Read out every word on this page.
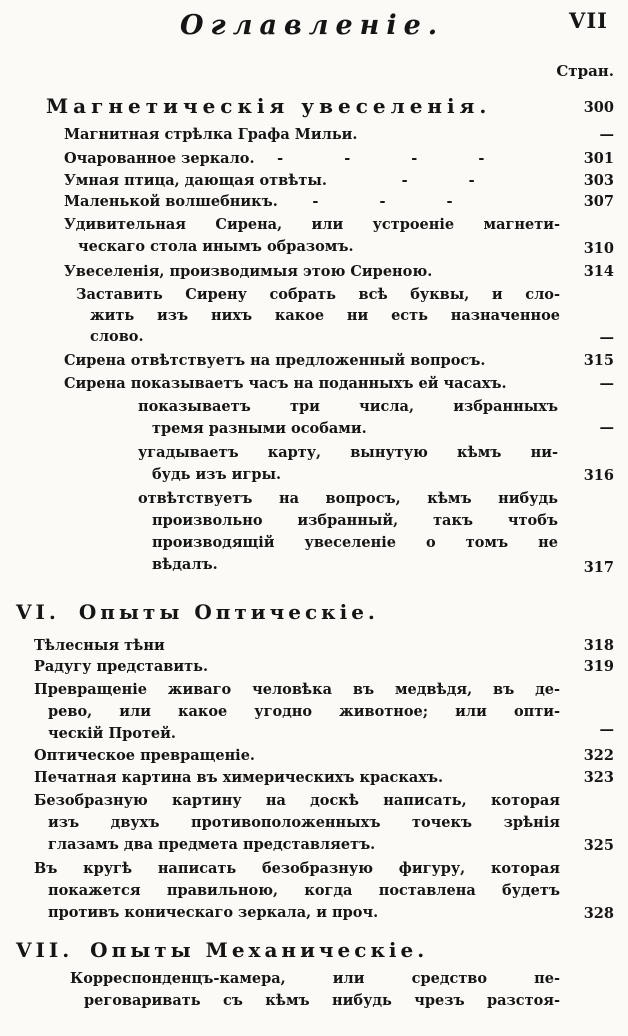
Оглавленіе.	VII
Стран.
Магнетическія увеселенія.	300
Магнитная стрѣлка Графа Мильи.	—
Очарованное зеркало. - - - -	301
Умная птица, дающая отвѣты.	- -	303
Маленькой волшебникъ. - - -	307
Удивительная Сирена, или устроеніе магнети-
ческаго стола инымъ образомъ.	310
Увеселенія, производимыя этою Сиреною.	314
Заставить Сирену собрать всѣ буквы, и сло-
жить изъ нихъ какое ни есть назначенное
слово.	—
Сирена отвѣтствуетъ на предложенный вопросъ.	315
Сирена показываетъ часъ на поданныхъ ей часахъ.	—
показываетъ три числа, избранныхъ
тремя разными особами.	—
угадываетъ карту, вынутую кѣмъ ни-
будь изъ игры.	316
отвѣтствуетъ на вопросъ, кѣмъ нибудь
произвольно избранный, такъ чтобъ
производящій увеселеніе о томъ не
вѣдалъ.	317
VI. Опыты Оптическіе.
Тѣлесныя тѣни	318
Радугу представить.	319
Превращеніе живаго человѣка въ медвѣдя, въ де-
рево, или какое угодно животное; или опти-
ческій Протей.	—
Оптическое превращеніе.	322
Печатная картина въ химерическихъ краскахъ.	323
Безобразную картину на доскѣ написать, которая
изъ двухъ противоположенныхъ точекъ зрѣнія
глазамъ два предмета представляетъ.	325
Въ кругѣ написать безобразную фигуру, которая
покажется правильною, когда поставлена будетъ
противъ коническаго зеркала, и проч.	328
VII. Опыты Механическіе.
Корреспонденцъ-камера, или средство пе-
реговаривать съ кѣмъ нибудь чрезъ разстоя-
